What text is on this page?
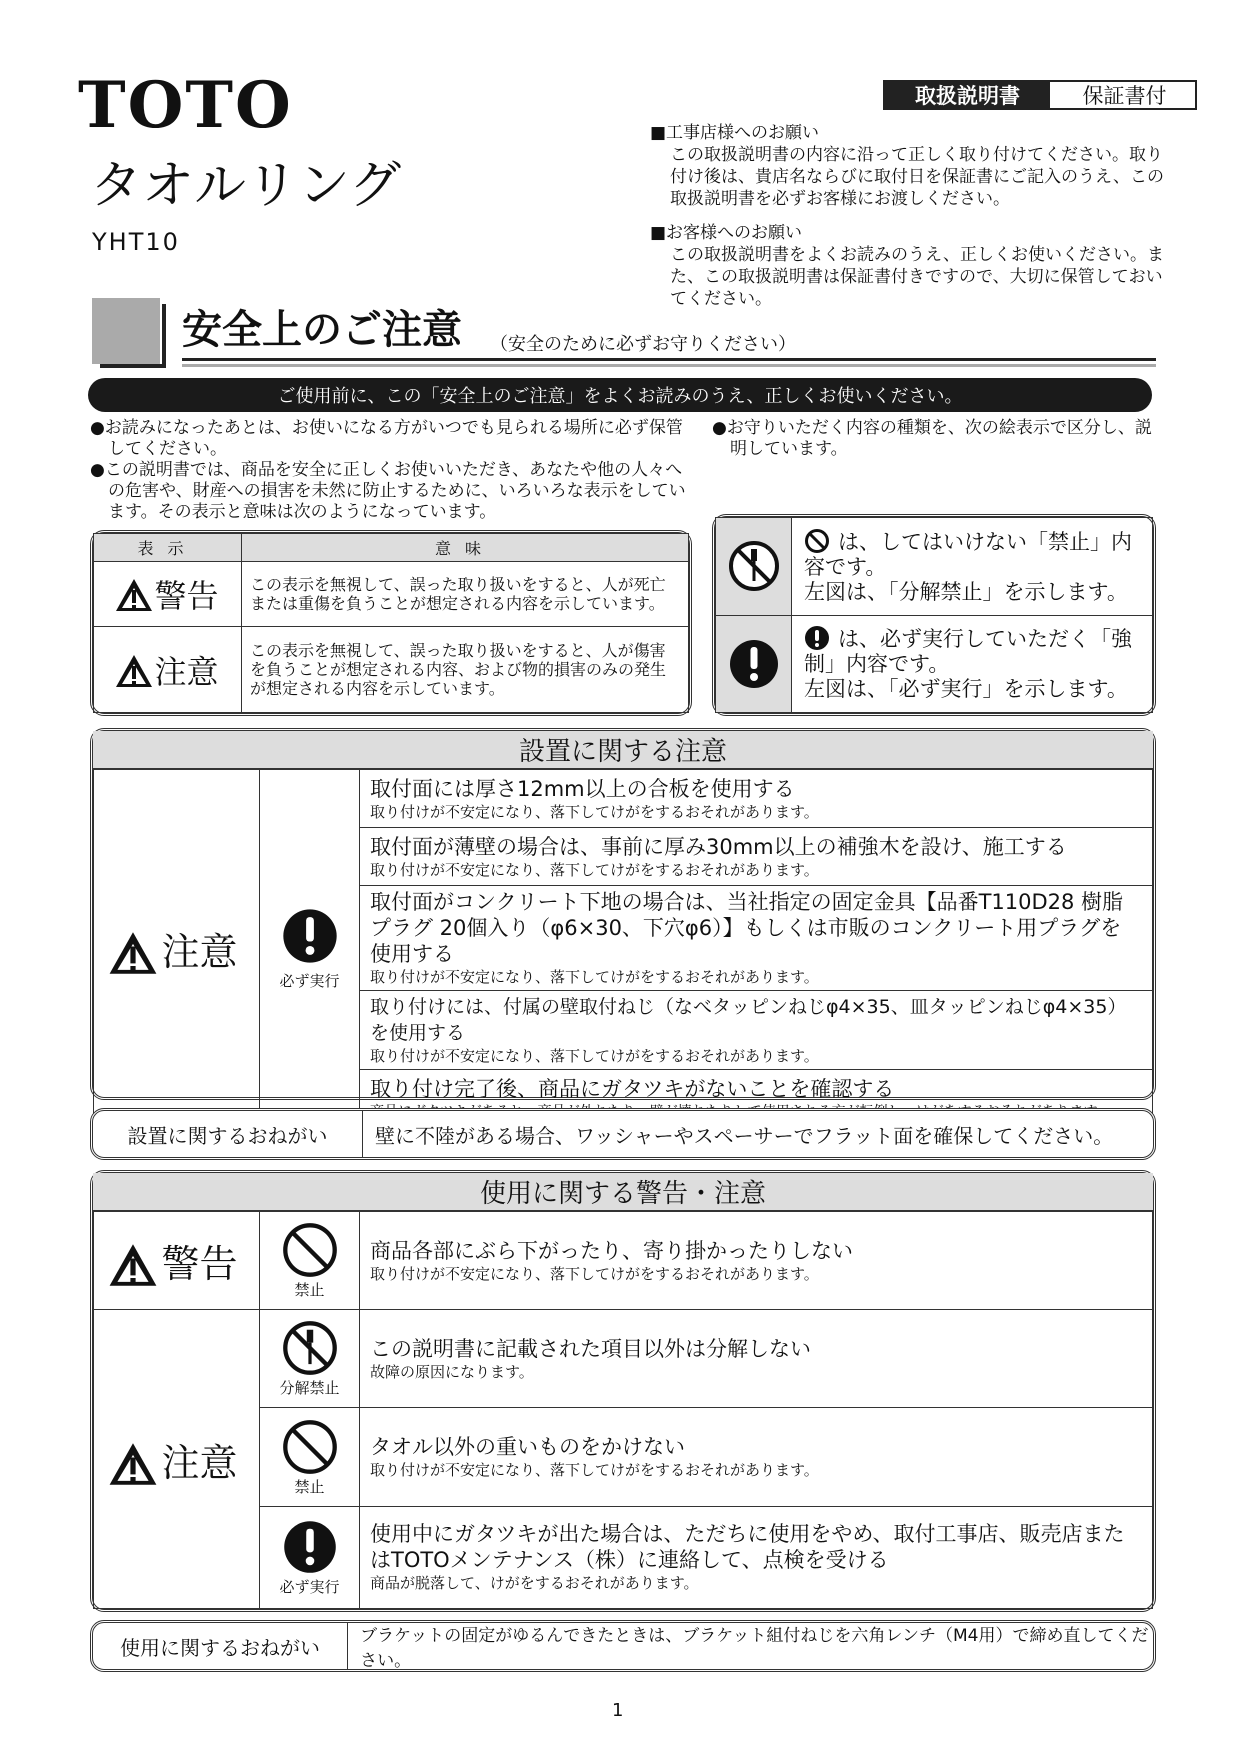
TOTO
タオルリング
YHT10
取扱説明書	保証書付
■工事店様へのお願い
この取扱説明書の内容に沿って正しく取り付けてください。取り付け後は、貴店名ならびに取付日を保証書にご記入のうえ、この取扱説明書を必ずお客様にお渡しください。
■お客様へのお願い
この取扱説明書をよくお読みのうえ、正しくお使いください。また、この取扱説明書は保証書付きですので、大切に保管しておいてください。
安全上のご注意 （安全のために必ずお守りください）
ご使用前に、この「安全上のご注意」をよくお読みのうえ、正しくお使いください。

●お読みになったあとは、お使いになる方がいつでも見られる場所に必ず保管してください。

●この説明書では、商品を安全に正しくお使いいただき、あなたや他の人々への危害や、財産への損害を未然に防止するために、いろいろな表示をしています。その表示と意味は次のようになっています。

●お守りいただく内容の種類を、次の絵表示で区分し、説明しています。

表示	意味

警告	この表示を無視して、誤った取り扱いをすると、人が死亡または重傷を負うことが想定される内容を示しています。

注意	この表示を無視して、誤った取り扱いをすると、人が傷害を負うことが想定される内容、および物的損害のみの発生が想定される内容を示しています。

は、してはいけない「禁止」内容です。
左図は、「分解禁止」を示します。

は、必ず実行していただく「強制」内容です。
左図は、「必ず実行」を示します。
設置に関する注意
注意	
必ず実行

取付面には厚さ12mm以上の合板を使用する
取り付けが不安定になり、落下してけがをするおそれがあります。

取付面が薄壁の場合は、事前に厚み30mm以上の補強木を設け、施工する
取り付けが不安定になり、落下してけがをするおそれがあります。

取付面がコンクリート下地の場合は、当社指定の固定金具【品番T110D28 樹脂プラグ 20個入り（φ6×30、下穴φ6）】もしくは市販のコンクリート用プラグを使用する
取り付けが不安定になり、落下してけがをするおそれがあります。

取り付けには、付属の壁取付ねじ（なべタッピンねじφ4×35、皿タッピンねじφ4×35）を使用する
取り付けが不安定になり、落下してけがをするおそれがあります。

取り付け完了後、商品にガタツキがないことを確認する
設置に関するおねがい	壁に不陸がある場合、ワッシャーやスペーサーでフラット面を確保してください。
使用に関する警告・注意
警告	禁止	商品各部にぶら下がったり、寄り掛かったりしない
取り付けが不安定になり、落下してけがをするおそれがあります。

注意	分解禁止	この説明書に記載された項目以外は分解しない
故障の原因になります。

	禁止	タオル以外の重いものをかけない
取り付けが不安定になり、落下してけがをするおそれがあります。

	必ず実行	使用中にガタツキが出た場合は、ただちに使用をやめ、取付工事店、販売店またはTOTOメンテナンス（株）に連絡して、点検を受ける
商品が脱落して、けがをするおそれがあります。
使用に関するおねがい	ブラケットの固定がゆるんできたときは、ブラケット組付ねじを六角レンチ（M4用）で締め直してください。
1
